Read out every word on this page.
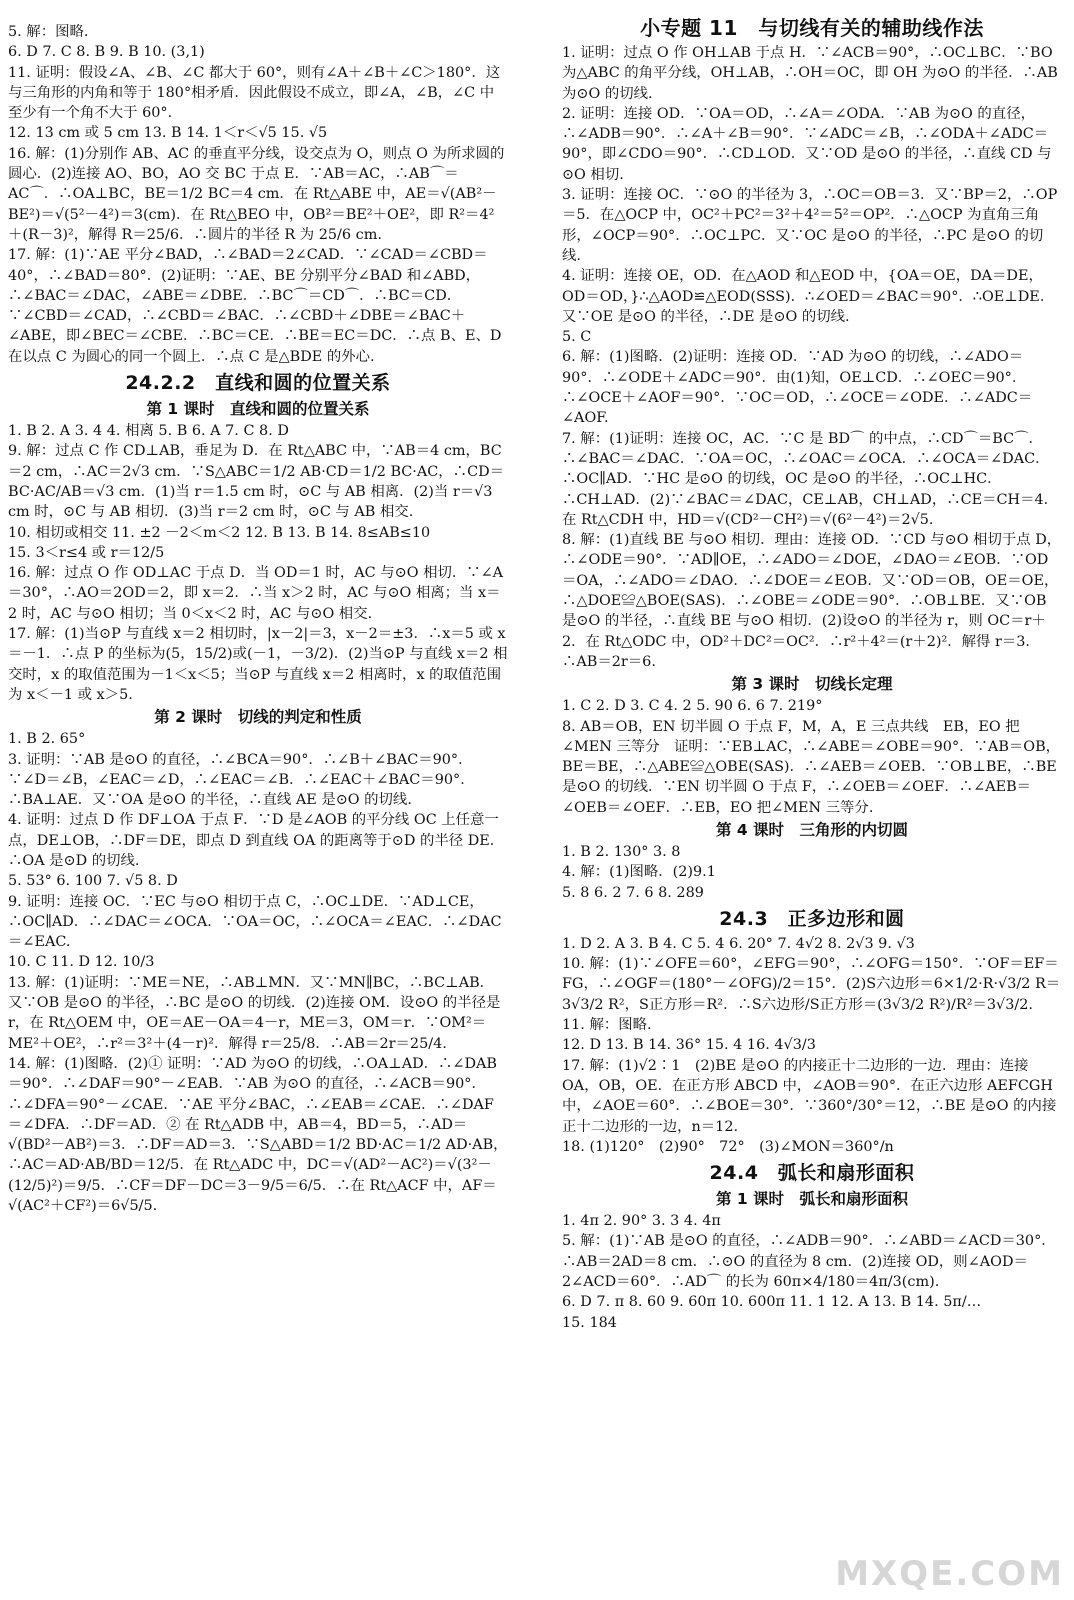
5. 解：图略.

6. D 7. C 8. B 9. B 10. (3,1)

11. 证明：假设∠A、∠B、∠C 都大于 60°，则有∠A＋∠B＋∠C＞180°．这与三角形的内角和等于 180°相矛盾．因此假设不成立，即∠A，∠B，∠C 中至少有一个角不大于 60°.

12. 13 cm 或 5 cm 13. B 14. 1＜r＜√5 15. √5

16. 解：(1)分别作 AB、AC 的垂直平分线，设交点为 O，则点 O 为所求圆的圆心．(2)连接 AO、BO，AO 交 BC 于点 E．∵AB＝AC，∴AB⌒＝AC⌒．∴OA⊥BC，BE＝1/2 BC＝4 cm．在 Rt△ABE 中，AE＝√(AB²－BE²)＝√(5²－4²)＝3(cm)．在 Rt△BEO 中，OB²＝BE²＋OE²，即 R²＝4²＋(R－3)²，解得 R＝25/6．∴圆片的半径 R 为 25/6 cm.

17. 解：(1)∵AE 平分∠BAD，∴∠BAD＝2∠CAD．∵∠CAD＝∠CBD＝40°，∴∠BAD＝80°．(2)证明：∵AE、BE 分别平分∠BAD 和∠ABD，∴∠BAC＝∠DAC，∠ABE＝∠DBE．∴BC⌒＝CD⌒．∴BC＝CD．∵∠CBD＝∠CAD，∴∠CBD＝∠BAC．∴∠CBD＋∠DBE＝∠BAC＋∠ABE，即∠BEC＝∠CBE．∴BC＝CE．∴BE＝EC＝DC．∴点 B、E、D 在以点 C 为圆心的同一个圆上．∴点 C 是△BDE 的外心.

24.2.2　直线和圆的位置关系
第 1 课时　直线和圆的位置关系

1. B 2. A 3. 4 4. 相离 5. B 6. A 7. C 8. D

9. 解：过点 C 作 CD⊥AB，垂足为 D．在 Rt△ABC 中，∵AB＝4 cm，BC＝2 cm，∴AC＝2√3 cm．∵S△ABC＝1/2 AB·CD＝1/2 BC·AC，∴CD＝BC·AC/AB＝√3 cm．(1)当 r＝1.5 cm 时，⊙C 与 AB 相离．(2)当 r＝√3 cm 时，⊙C 与 AB 相切．(3)当 r＝2 cm 时，⊙C 与 AB 相交.

10. 相切或相交 11. ±2 －2＜m＜2 12. B 13. B 14. 8≤AB≤10

15. 3＜r≤4 或 r＝12/5

16. 解：过点 O 作 OD⊥AC 于点 D．当 OD＝1 时，AC 与⊙O 相切．∵∠A＝30°，∴AO＝2OD＝2，即 x＝2．∴当 x＞2 时，AC 与⊙O 相离；当 x＝2 时，AC 与⊙O 相切；当 0＜x＜2 时，AC 与⊙O 相交.

17. 解：(1)当⊙P 与直线 x＝2 相切时，|x－2|＝3，x－2＝±3．∴x＝5 或 x＝－1．∴点 P 的坐标为(5，15/2)或(－1，－3/2)．(2)当⊙P 与直线 x＝2 相交时，x 的取值范围为－1＜x＜5；当⊙P 与直线 x＝2 相离时，x 的取值范围为 x＜－1 或 x＞5.

第 2 课时　切线的判定和性质

1. B 2. 65°

3. 证明：∵AB 是⊙O 的直径，∴∠BCA＝90°．∴∠B＋∠BAC＝90°．∵∠D＝∠B，∠EAC＝∠D，∴∠EAC＝∠B．∴∠EAC＋∠BAC＝90°．∴BA⊥AE．又∵OA 是⊙O 的半径，∴直线 AE 是⊙O 的切线.

4. 证明：过点 D 作 DF⊥OA 于点 F．∵D 是∠AOB 的平分线 OC 上任意一点，DE⊥OB，∴DF＝DE，即点 D 到直线 OA 的距离等于⊙D 的半径 DE．∴OA 是⊙D 的切线.

5. 53° 6. 100 7. √5 8. D

9. 证明：连接 OC．∵EC 与⊙O 相切于点 C，∴OC⊥DE．∵AD⊥CE，∴OC∥AD．∴∠DAC＝∠OCA．∵OA＝OC，∴∠OCA＝∠EAC．∴∠DAC＝∠EAC.

10. C 11. D 12. 10/3

13. 解：(1)证明：∵ME＝NE，∴AB⊥MN．又∵MN∥BC，∴BC⊥AB．又∵OB 是⊙O 的半径，∴BC 是⊙O 的切线．(2)连接 OM．设⊙O 的半径是 r，在 Rt△OEM 中，OE＝AE－OA＝4－r，ME＝3，OM＝r．∵OM²＝ME²＋OE²，∴r²＝3²＋(4－r)²．解得 r＝25/8．∴AB＝2r＝25/4.

14. 解：(1)图略．(2)① 证明：∵AD 为⊙O 的切线，∴OA⊥AD．∴∠DAB＝90°．∴∠DAF＝90°－∠EAB．∵AB 为⊙O 的直径，∴∠ACB＝90°．∴∠DFA＝90°－∠CAE．∵AE 平分∠BAC，∴∠EAB＝∠CAE．∴∠DAF＝∠DFA．∴DF＝AD．② 在 Rt△ADB 中，AB＝4，BD＝5，∴AD＝√(BD²－AB²)＝3．∴DF＝AD＝3．∵S△ABD＝1/2 BD·AC＝1/2 AD·AB，∴AC＝AD·AB/BD＝12/5．在 Rt△ADC 中，DC＝√(AD²－AC²)＝√(3²－(12/5)²)＝9/5．∴CF＝DF－DC＝3－9/5＝6/5．∴在 Rt△ACF 中，AF＝√(AC²＋CF²)＝6√5/5.

小专题 11　与切线有关的辅助线作法

1. 证明：过点 O 作 OH⊥AB 于点 H．∵∠ACB＝90°，∴OC⊥BC．∵BO 为△ABC 的角平分线，OH⊥AB，∴OH＝OC，即 OH 为⊙O 的半径．∴AB 为⊙O 的切线.

2. 证明：连接 OD．∵OA＝OD，∴∠A＝∠ODA．∵AB 为⊙O 的直径，∴∠ADB＝90°．∴∠A＋∠B＝90°．∵∠ADC＝∠B，∴∠ODA＋∠ADC＝90°，即∠CDO＝90°．∴CD⊥OD．又∵OD 是⊙O 的半径，∴直线 CD 与⊙O 相切.

3. 证明：连接 OC．∵⊙O 的半径为 3，∴OC＝OB＝3．又∵BP＝2，∴OP＝5．在△OCP 中，OC²＋PC²＝3²＋4²＝5²＝OP²．∴△OCP 为直角三角形，∠OCP＝90°．∴OC⊥PC．又∵OC 是⊙O 的半径，∴PC 是⊙O 的切线.

4. 证明：连接 OE，OD．在△AOD 和△EOD 中，{OA＝OE，DA＝DE，OD＝OD，}∴△AOD≌△EOD(SSS)．∴∠OED＝∠BAC＝90°．∴OE⊥DE．又∵OE 是⊙O 的半径，∴DE 是⊙O 的切线.

5. C

6. 解：(1)图略．(2)证明：连接 OD．∵AD 为⊙O 的切线，∴∠ADO＝90°．∴∠ODE＋∠ADC＝90°．由(1)知，OE⊥CD．∴∠OEC＝90°．∴∠OCE＋∠AOF＝90°．∵OC＝OD，∴∠OCE＝∠ODE．∴∠ADC＝∠AOF.

7. 解：(1)证明：连接 OC，AC．∵C 是 BD⌒ 的中点，∴CD⌒＝BC⌒．∴∠BAC＝∠DAC．∵OA＝OC，∴∠OAC＝∠OCA．∴∠OCA＝∠DAC．∴OC∥AD．∵HC 是⊙O 的切线，OC 是⊙O 的半径，∴OC⊥HC．∴CH⊥AD．(2)∵∠BAC＝∠DAC，CE⊥AB，CH⊥AD，∴CE＝CH＝4．在 Rt△CDH 中，HD＝√(CD²－CH²)＝√(6²－4²)＝2√5.

8. 解：(1)直线 BE 与⊙O 相切．理由：连接 OD．∵CD 与⊙O 相切于点 D，∴∠ODE＝90°．∵AD∥OE，∴∠ADO＝∠DOE，∠DAO＝∠EOB．∵OD＝OA，∴∠ADO＝∠DAO．∴∠DOE＝∠EOB．又∵OD＝OB，OE＝OE，∴△DOE≌△BOE(SAS)．∴∠OBE＝∠ODE＝90°．∴OB⊥BE．又∵OB 是⊙O 的半径，∴直线 BE 与⊙O 相切．(2)设⊙O 的半径为 r，则 OC＝r＋2．在 Rt△ODC 中，OD²＋DC²＝OC²．∴r²＋4²＝(r＋2)²．解得 r＝3．∴AB＝2r＝6.

第 3 课时　切线长定理

1. C 2. D 3. C 4. 2 5. 90 6. 6 7. 219°

8. AB＝OB，EN 切半圆 O 于点 F，M，A，E 三点共线　EB，EO 把∠MEN 三等分　证明：∵EB⊥AC，∴∠ABE＝∠OBE＝90°．∵AB＝OB，BE＝BE，∴△ABE≌△OBE(SAS)．∴∠AEB＝∠OEB．∵OB⊥BE，∴BE 是⊙O 的切线．∵EN 切半圆 O 于点 F，∴∠OEB＝∠OEF．∴∠AEB＝∠OEB＝∠OEF．∴EB，EO 把∠MEN 三等分.

第 4 课时　三角形的内切圆

1. B 2. 130° 3. 8

4. 解：(1)图略．(2)9.1

5. 8 6. 2 7. 6 8. 289

24.3　正多边形和圆

1. D 2. A 3. B 4. C 5. 4 6. 20° 7. 4√2 8. 2√3 9. √3

10. 解：(1)∵∠OFE＝60°，∠EFG＝90°，∴∠OFG＝150°．∵OF＝EF＝FG，∴∠OGF＝(180°－∠OFG)/2＝15°．(2)S六边形＝6×1/2·R·√3/2 R＝3√3/2 R²，S正方形＝R²．∴S六边形/S正方形＝(3√3/2 R²)/R²＝3√3/2.

11. 解：图略.

12. D 13. B 14. 36° 15. 4 16. 4√3/3

17. 解：(1)√2∶1　(2)BE 是⊙O 的内接正十二边形的一边．理由：连接 OA，OB，OE．在正方形 ABCD 中，∠AOB＝90°．在正六边形 AEFCGH 中，∠AOE＝60°．∴∠BOE＝30°．∵360°/30°＝12，∴BE 是⊙O 的内接正十二边形的一边，n＝12.

18. (1)120°　(2)90°　72°　(3)∠MON＝360°/n

24.4　弧长和扇形面积
第 1 课时　弧长和扇形面积

1. 4π 2. 90° 3. 3 4. 4π

5. 解：(1)∵AB 是⊙O 的直径，∴∠ADB＝90°．∴∠ABD＝∠ACD＝30°．∴AB＝2AD＝8 cm．∴⊙O 的直径为 8 cm．(2)连接 OD，则∠AOD＝2∠ACD＝60°．∴AD⌒ 的长为 60π×4/180＝4π/3(cm).

6. D 7. π 8. 60 9. 60π 10. 600π 11. 1 12. A 13. B 14. 5π/…

15. 184

MXQE.COM
